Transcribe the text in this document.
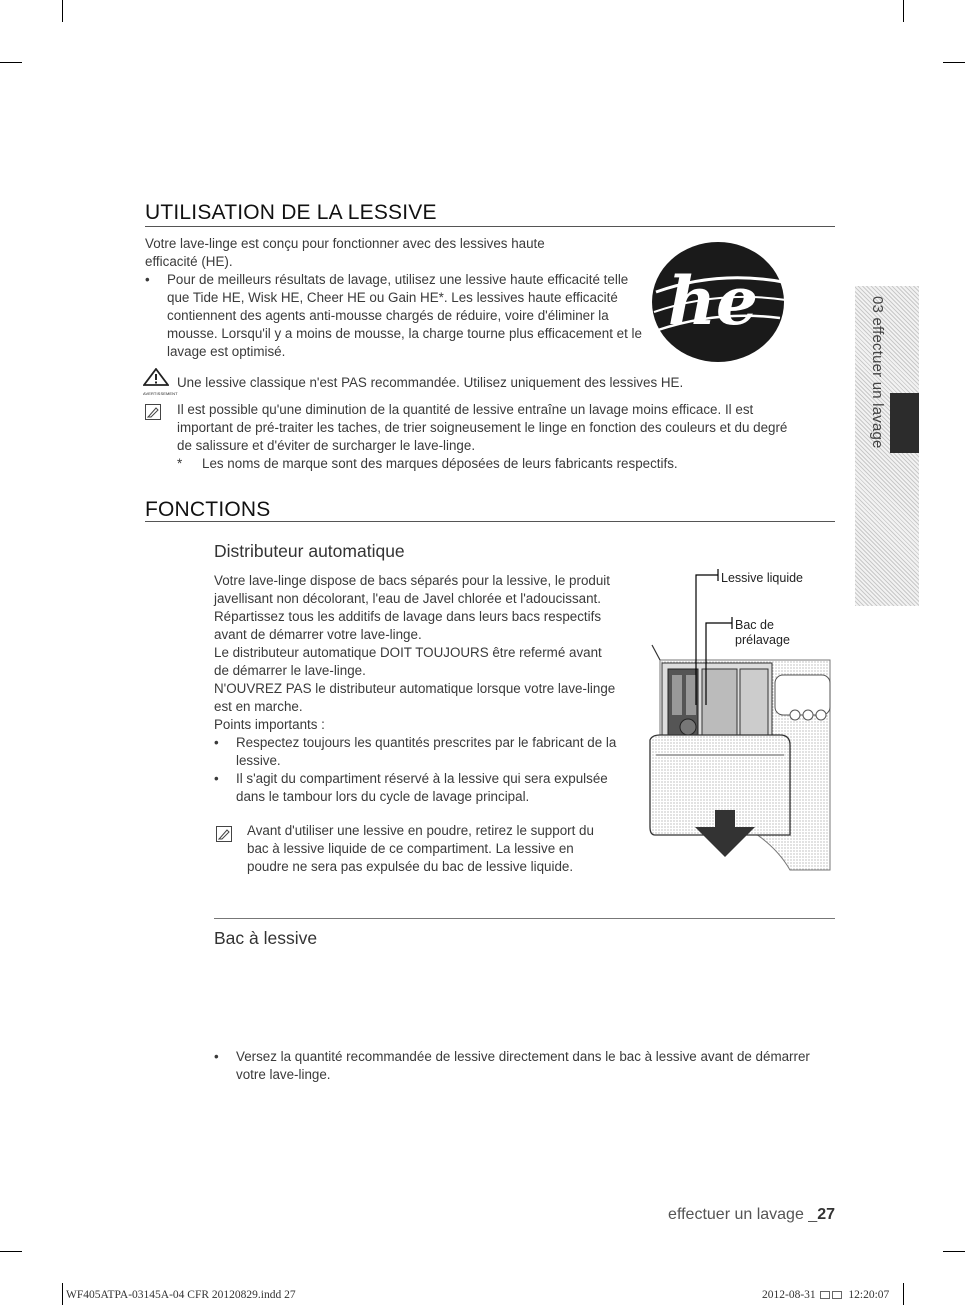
UTILISATION DE LA LESSIVE

Votre lave-linge est conçu pour fonctionner avec des lessives haute efficacité (HE).

• Pour de meilleurs résultats de lavage, utilisez une lessive haute efficacité telle que Tide HE, Wisk HE, Cheer HE ou Gain HE*. Les lessives haute efficacité contiennent des agents anti-mousse chargés de réduire, voire d'éliminer la mousse. Lorsqu'il y a moins de mousse, la charge tourne plus efficacement et le lavage est optimisé.

he
AVERTISSEMENT
Une lessive classique n'est PAS recommandée. Utilisez uniquement des lessives HE.
Il est possible qu'une diminution de la quantité de lessive entraîne un lavage moins efficace. Il est important de pré-traiter les taches, de trier soigneusement le linge en fonction des couleurs et du degré de salissure et d'éviter de surcharger le lave-linge.
* Les noms de marque sont des marques déposées de leurs fabricants respectifs.
FONCTIONS
Distributeur automatique

Votre lave-linge dispose de bacs séparés pour la lessive, le produit javellisant non décolorant, l'eau de Javel chlorée et l'adoucissant. Répartissez tous les additifs de lavage dans leurs bacs respectifs avant de démarrer votre lave-linge.

Le distributeur automatique DOIT TOUJOURS être refermé avant de démarrer le lave-linge.

N'OUVREZ PAS le distributeur automatique lorsque votre lave-linge est en marche.

Points importants :

• Respectez toujours les quantités prescrites par le fabricant de la lessive.

• Il s'agit du compartiment réservé à la lessive qui sera expulsée dans le tambour lors du cycle de lavage principal.

Avant d'utiliser une lessive en poudre, retirez le support du bac à lessive liquide de ce compartiment. La lessive en poudre ne sera pas expulsée du bac de lessive liquide.
Lessive liquide
Bac de
prélavage
Bac à lessive
• Versez la quantité recommandée de lessive directement dans le bac à lessive avant de démarrer votre lave-linge.

03 effectuer un lavage
effectuer un lavage _27
WF405ATPA-03145A-04 CFR 20120829.indd 27	2012-08-31	12:20:07
